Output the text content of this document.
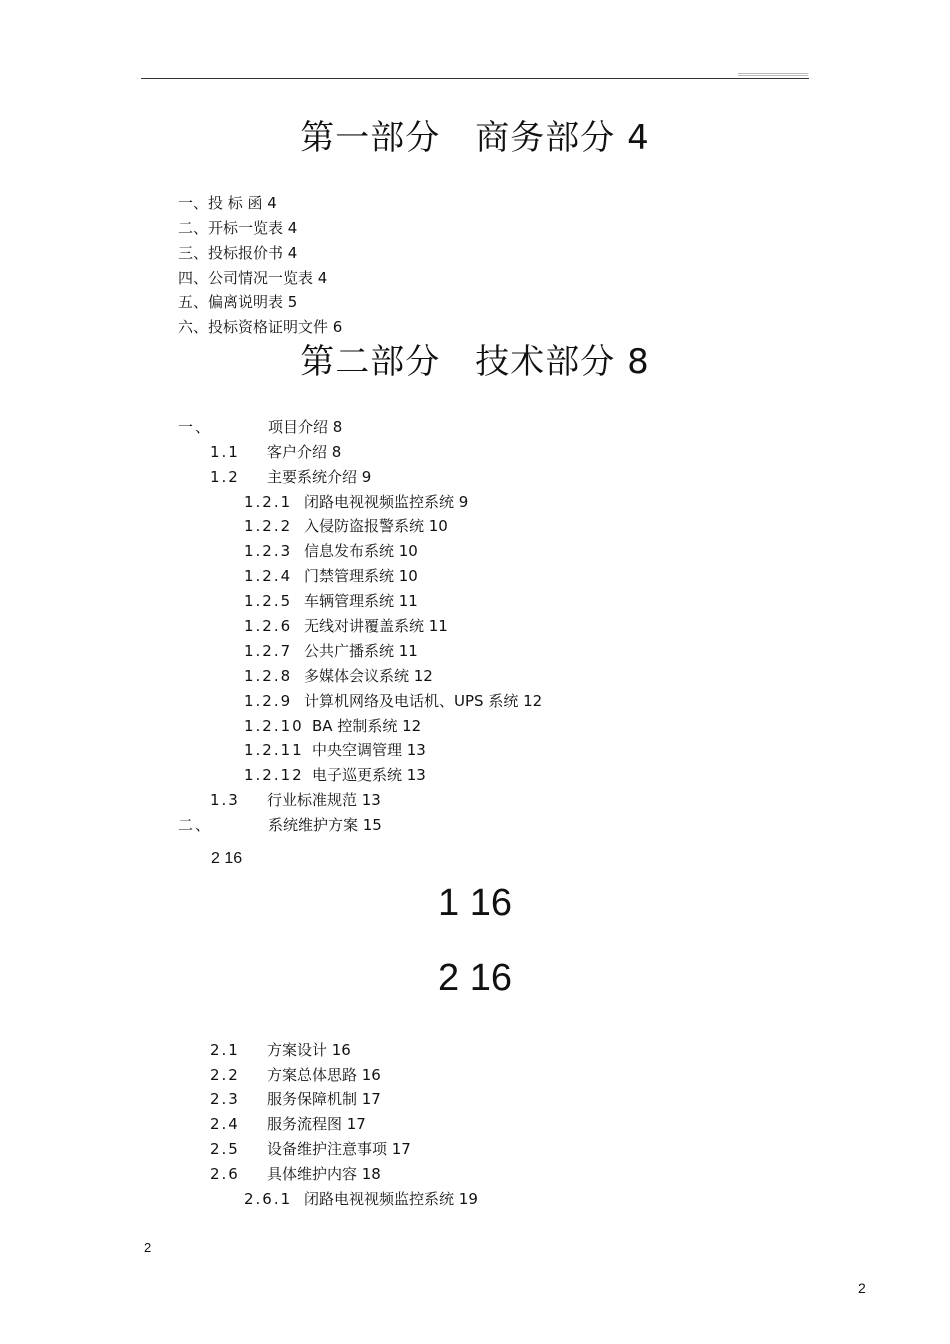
第一部分　商务部分 4
一、投 标 函 4
二、开标一览表 4
三、投标报价书 4
四、公司情况一览表 4
五、偏离说明表 5
六、投标资格证明文件 6
第二部分　技术部分 8
一、	项目介绍 8
1.1 客户介绍 8
1.2 主要系统介绍 9
1.2.1 闭路电视视频监控系统 9
1.2.2 入侵防盗报警系统 10
1.2.3 信息发布系统 10
1.2.4 门禁管理系统 10
1.2.5 车辆管理系统 11
1.2.6 无线对讲覆盖系统 11
1.2.7 公共广播系统 11
1.2.8 多媒体会议系统 12
1.2.9 计算机网络及电话机、UPS 系统 12
1.2.10 BA 控制系统 12
1.2.11 中央空调管理 13
1.2.12 电子巡更系统 13
1.3 行业标准规范 13
二、	系统维护方案 15
2 16
1 16
2 16
2.1 方案设计 16
2.2 方案总体思路 16
2.3 服务保障机制 17
2.4 服务流程图 17
2.5 设备维护注意事项 17
2.6 具体维护内容 18
2.6.1 闭路电视视频监控系统 19
2
2
